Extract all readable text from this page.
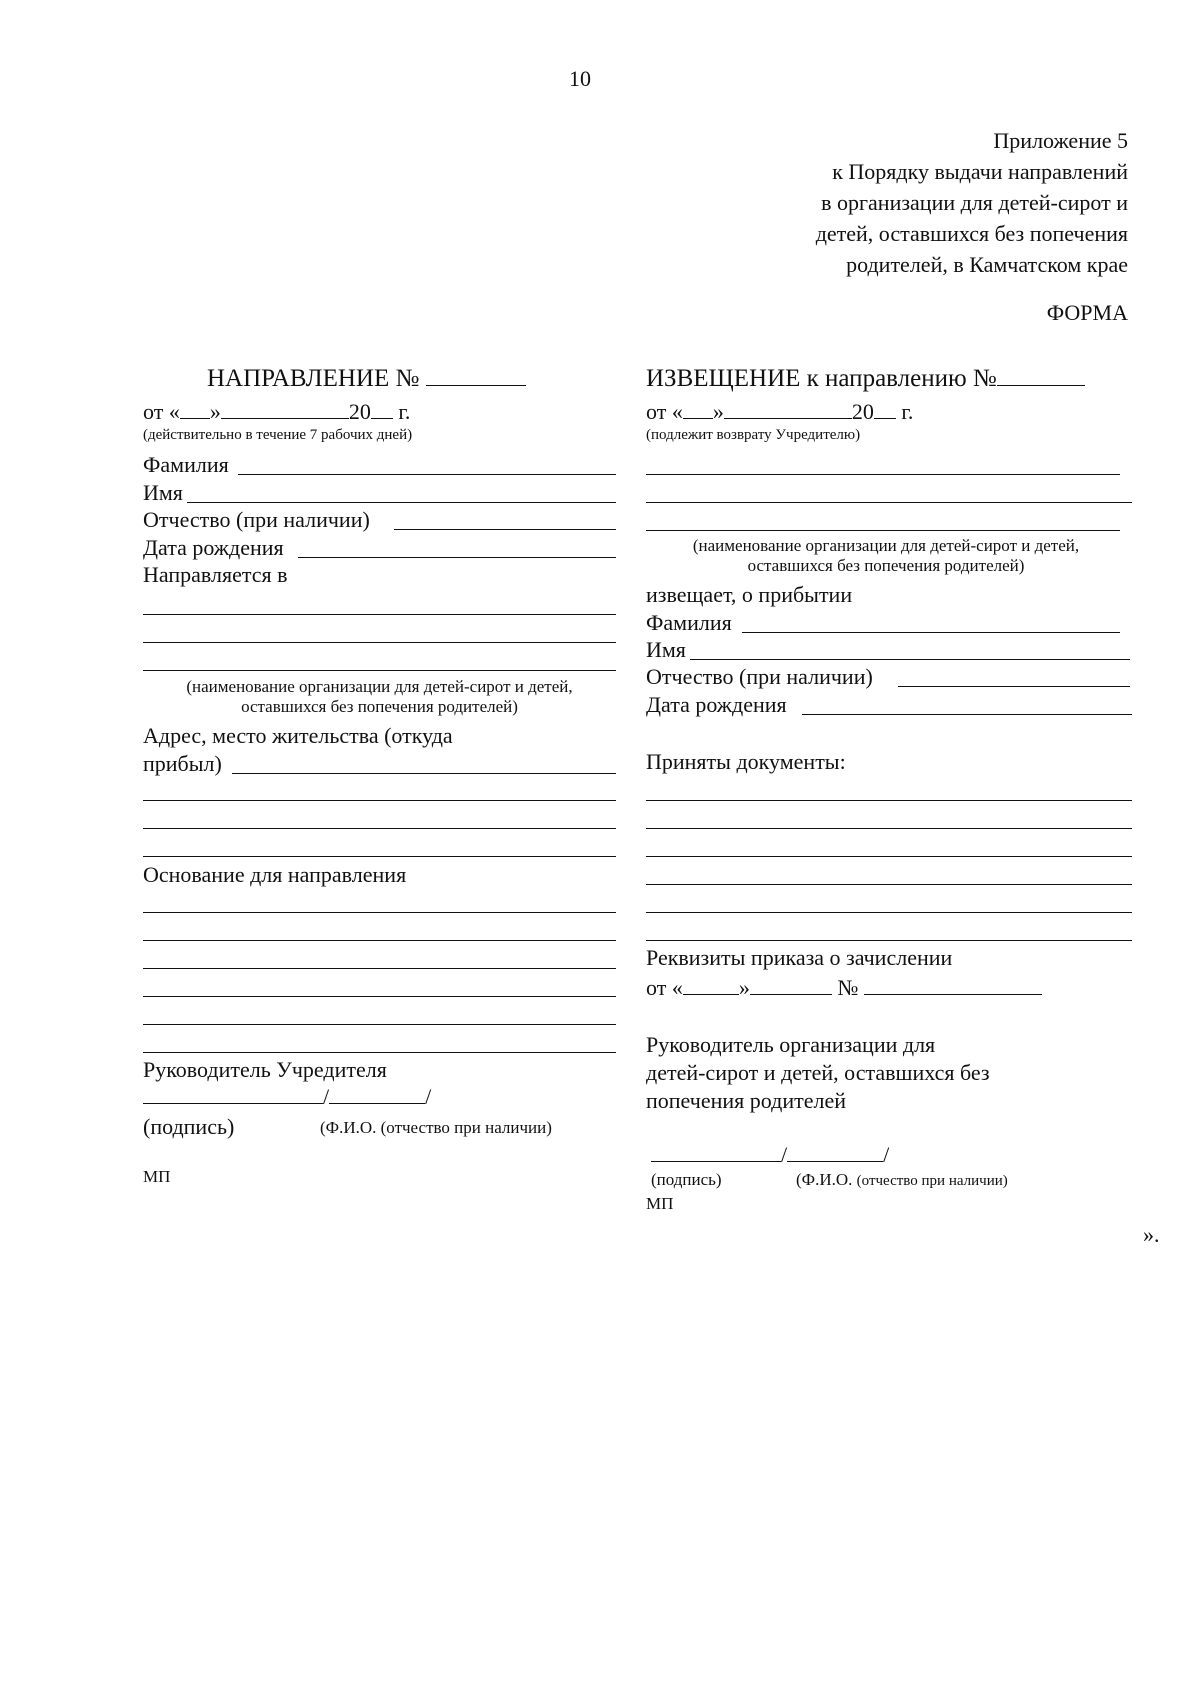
10
Приложение 5
к Порядку выдачи направлений
в организации для детей-сирот и
детей, оставшихся без попечения
родителей, в Камчатском крае
ФОРМА
НАПРАВЛЕНИЕ №
от « »	20 г.
(действительно в течение 7 рабочих дней)
Фамилия
Имя
Отчество (при наличии)
Дата рождения
Направляется в
(наименование организации для детей-сирот и детей,
оставшихся без попечения родителей)
Адрес, место жительства (откуда
прибыл)
Основание для направления
Руководитель Учредителя
/	/
(подпись)	(Ф.И.О. (отчество при наличии)
МП
ИЗВЕЩЕНИЕ к направлению №
от « »	20 г.
(подлежит возврату Учредителю)
(наименование организации для детей-сирот и детей,
оставшихся без попечения родителей)
извещает, о прибытии
Фамилия
Имя
Отчество (при наличии)
Дата рождения
Приняты документы:
Реквизиты приказа о зачислении
от «	»	№
Руководитель организации для
детей-сирот и детей, оставшихся без
попечения родителей
/	/
(подпись)	(Ф.И.О. (отчество при наличии)
МП
».
